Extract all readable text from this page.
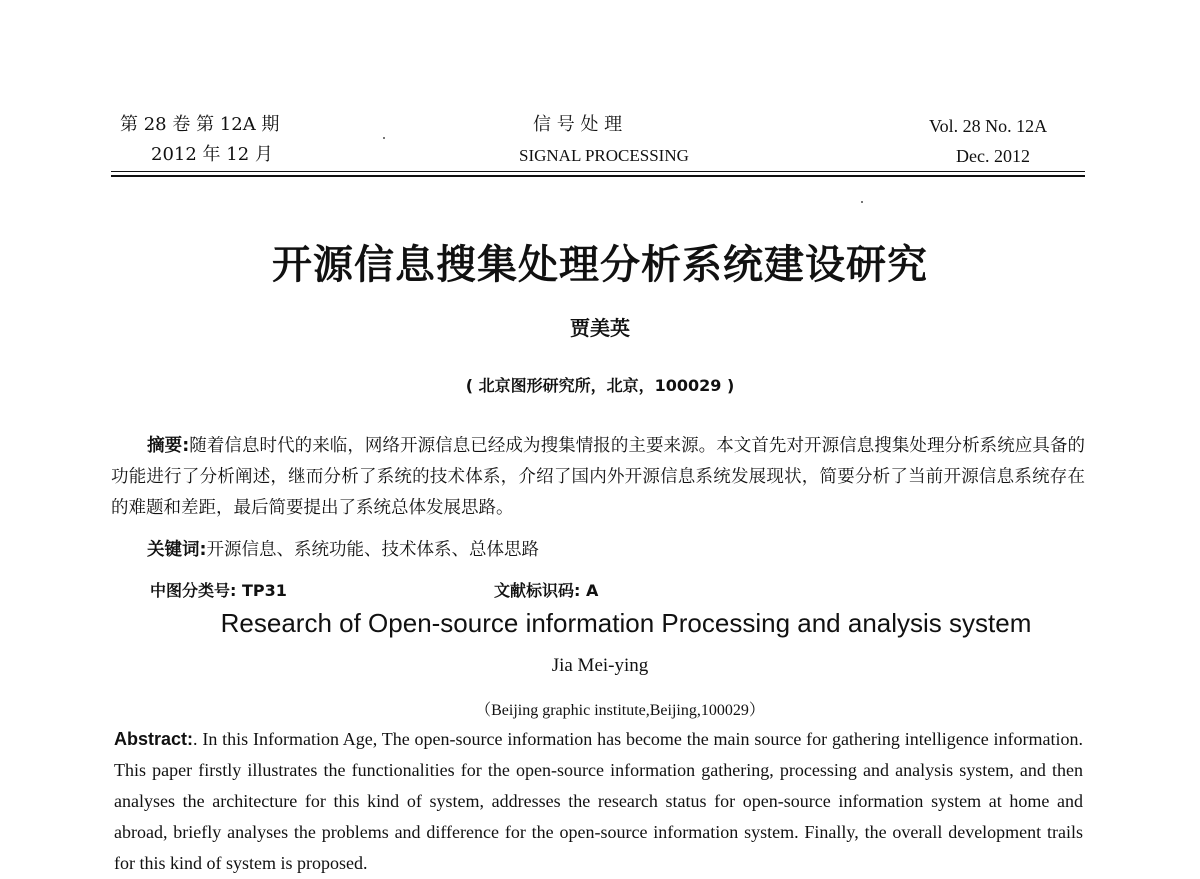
第 28 卷 第 12A 期
2012 年 12 月
信 号 处 理
SIGNAL PROCESSING
Vol. 28 No. 12A
Dec. 2012
开源信息搜集处理分析系统建设研究
贾美英
( 北京图形研究所，北京，100029 )
摘要:随着信息时代的来临，网络开源信息已经成为搜集情报的主要来源。本文首先对开源信息搜集处理分析系统应具备的功能进行了分析阐述，继而分析了系统的技术体系，介绍了国内外开源信息系统发展现状，简要分析了当前开源信息系统存在的难题和差距，最后简要提出了系统总体发展思路。
关键词:开源信息、系统功能、技术体系、总体思路
中图分类号: TP31	文献标识码: A
Research of Open-source information Processing and analysis system
Jia Mei-ying
（Beijing graphic institute,Beijing,100029）
Abstract:. In this Information Age, The open-source information has become the main source for gathering intelligence information. This paper firstly illustrates the functionalities for the open-source information gathering, processing and analysis system, and then analyses the architecture for this kind of system, addresses the research status for open-source information system at home and abroad, briefly analyses the problems and difference for the open-source information system. Finally, the overall development trails for this kind of system is proposed.
